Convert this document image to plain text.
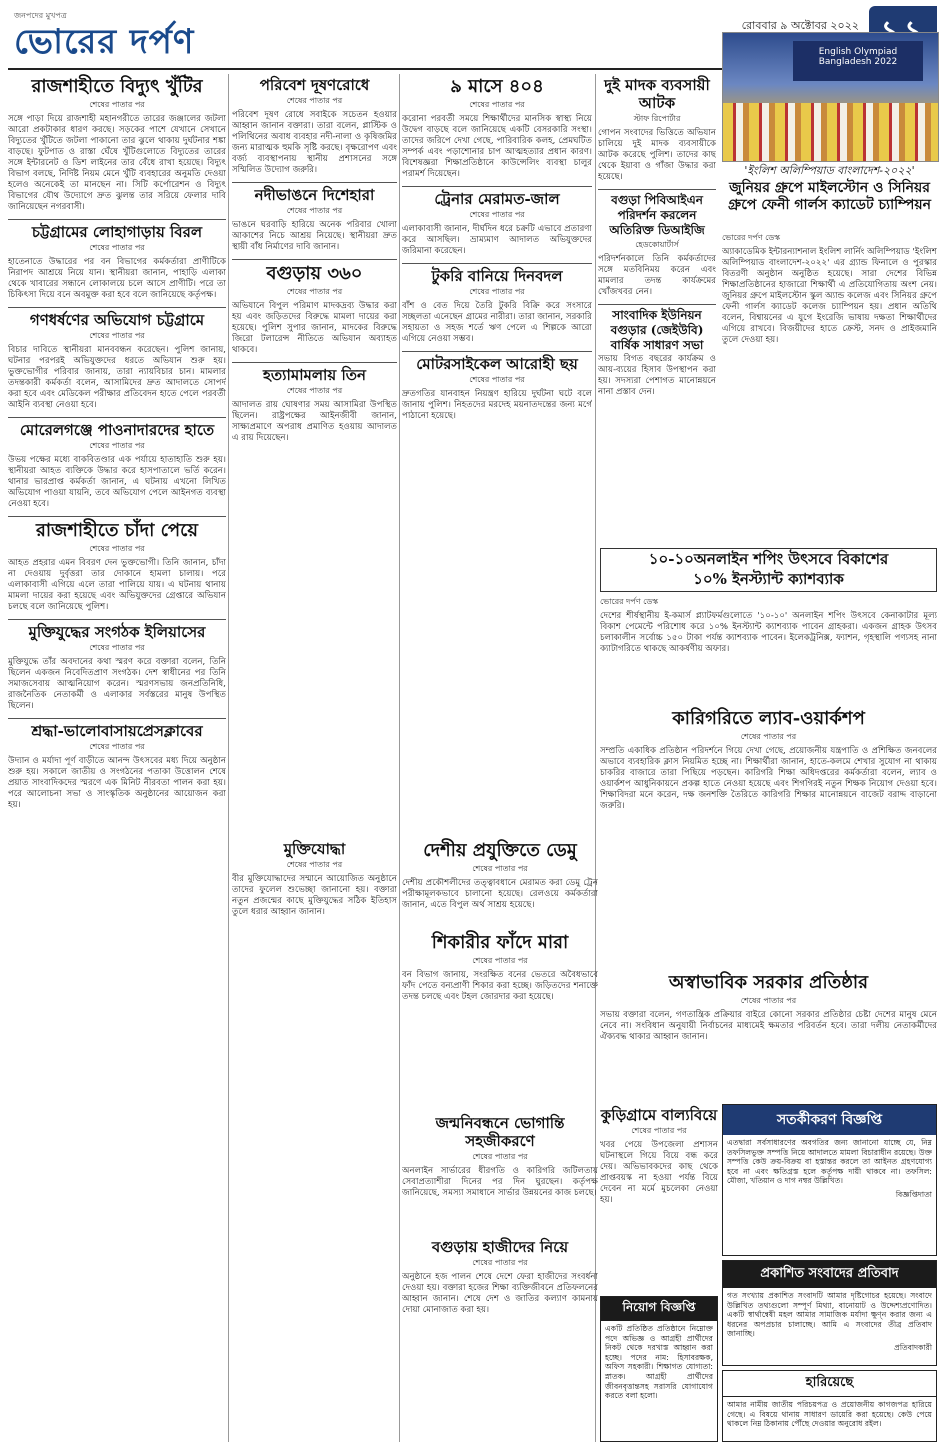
জনপদের মুখপত্র
ভোরের দর্পণ	রোববার ৯ অক্টোবর ২০২২
রাজশাহীতে বিদ্যুৎ খুঁটির
শেষের পাতার পর

সঙ্গে পাড়া দিয়ে রাজশাহী মহানগরীতে তারের জঞ্জালের জটলা আরো প্রকটাকার ধারণ করছে। সড়কের পাশে যেখানে সেখানে বিদ্যুতের খুঁটিতে জটলা পাকানো তার ঝুলে থাকায় দুর্ঘটনার শঙ্কা বাড়ছে। ফুটপাত ও রাস্তা ঘেঁষে খুঁটিগুলোতে বিদ্যুতের তারের সঙ্গে ইন্টারনেট ও ডিশ লাইনের তার বেঁধে রাখা হয়েছে। বিদ্যুৎ বিভাগ বলছে, নির্দিষ্ট নিয়ম মেনে খুঁটি ব্যবহারের অনুমতি দেওয়া হলেও অনেকেই তা মানছেন না। সিটি কর্পোরেশন ও বিদ্যুৎ বিভাগের যৌথ উদ্যোগে দ্রুত ঝুলন্ত তার সরিয়ে ফেলার দাবি জানিয়েছেন নগরবাসী।

চট্টগ্রামের লোহাগাড়ায় বিরল
শেষের পাতার পর

হাতেনাতে উদ্ধারের পর বন বিভাগের কর্মকর্তারা প্রাণীটিকে নিরাপদ আশ্রয়ে নিয়ে যান। স্থানীয়রা জানান, পাহাড়ি এলাকা থেকে খাবারের সন্ধানে লোকালয়ে চলে আসে প্রাণীটি। পরে তা চিকিৎসা দিয়ে বনে অবমুক্ত করা হবে বলে জানিয়েছে কর্তৃপক্ষ।

গণধর্ষণের অভিযোগ চট্টগ্রামে
শেষের পাতার পর

বিচার দাবিতে স্থানীয়রা মানববন্ধন করেছেন। পুলিশ জানায়, ঘটনার পরপরই অভিযুক্তদের ধরতে অভিযান শুরু হয়। ভুক্তভোগীর পরিবার জানায়, তারা ন্যায়বিচার চান। মামলার তদন্তকারী কর্মকর্তা বলেন, আসামিদের দ্রুত আদালতে সোপর্দ করা হবে এবং মেডিকেল পরীক্ষার প্রতিবেদন হাতে পেলে পরবর্তী আইনি ব্যবস্থা নেওয়া হবে।

মোরেলগঞ্জে পাওনাদারদের হাতে
শেষের পাতার পর

উভয় পক্ষের মধ্যে বাকবিতণ্ডার এক পর্যায়ে হাতাহাতি শুরু হয়। স্থানীয়রা আহত ব্যক্তিকে উদ্ধার করে হাসপাতালে ভর্তি করেন। থানার ভারপ্রাপ্ত কর্মকর্তা জানান, এ ঘটনায় এখনো লিখিত অভিযোগ পাওয়া যায়নি, তবে অভিযোগ পেলে আইনগত ব্যবস্থা নেওয়া হবে।

রাজশাহীতে চাঁদা পেয়ে
শেষের পাতার পর

আহত প্রহরার এমন বিবরণ দেন ভুক্তভোগী। তিনি জানান, চাঁদা না দেওয়ায় দুর্বৃত্তরা তার দোকানে হামলা চালায়। পরে এলাকাবাসী এগিয়ে এলে তারা পালিয়ে যায়। এ ঘটনায় থানায় মামলা দায়ের করা হয়েছে এবং অভিযুক্তদের গ্রেপ্তারে অভিযান চলছে বলে জানিয়েছে পুলিশ।

মুক্তিযুদ্ধের সংগঠক ইলিয়াসের
শেষের পাতার পর

মুক্তিযুদ্ধে তাঁর অবদানের কথা স্মরণ করে বক্তারা বলেন, তিনি ছিলেন একজন নিবেদিতপ্রাণ সংগঠক। দেশ স্বাধীনের পর তিনি সমাজসেবায় আত্মনিয়োগ করেন। স্মরণসভায় জনপ্রতিনিধি, রাজনৈতিক নেতাকর্মী ও এলাকার সর্বস্তরের মানুষ উপস্থিত ছিলেন।

শ্রদ্ধা-ভালোবাসায়প্রেসক্লাবের
শেষের পাতার পর

উদ্যান ও মর্যাদা পূর্ণ বাড়ীতে আনন্দ উৎসবের মধ্য দিয়ে অনুষ্ঠান শুরু হয়। সকালে জাতীয় ও সংগঠনের পতাকা উত্তোলন শেষে প্রয়াত সাংবাদিকদের স্মরণে এক মিনিট নীরবতা পালন করা হয়। পরে আলোচনা সভা ও সাংস্কৃতিক অনুষ্ঠানের আয়োজন করা হয়।

পরিবেশ দূষণরোধে
শেষের পাতার পর

পরিবেশ দূষণ রোধে সবাইকে সচেতন হওয়ার আহ্বান জানান বক্তারা। তারা বলেন, প্লাস্টিক ও পলিথিনের অবাধ ব্যবহার নদী-নালা ও কৃষিজমির জন্য মারাত্মক হুমকি সৃষ্টি করছে। বৃক্ষরোপণ এবং বর্জ্য ব্যবস্থাপনায় স্থানীয় প্রশাসনের সঙ্গে সম্মিলিত উদ্যোগ জরুরি।

নদীভাঙনে দিশেহারা
শেষের পাতার পর

ভাঙনে ঘরবাড়ি হারিয়ে অনেক পরিবার খোলা আকাশের নিচে আশ্রয় নিয়েছে। স্থানীয়রা দ্রুত স্থায়ী বাঁধ নির্মাণের দাবি জানান।

বগুড়ায় ৩৬০
শেষের পাতার পর

অভিযানে বিপুল পরিমাণ মাদকদ্রব্য উদ্ধার করা হয় এবং জড়িতদের বিরুদ্ধে মামলা দায়ের করা হয়েছে। পুলিশ সুপার জানান, মাদকের বিরুদ্ধে জিরো টলারেন্স নীতিতে অভিযান অব্যাহত থাকবে।

হত্যামামলায় তিন
শেষের পাতার পর

আদালত রায় ঘোষণার সময় আসামিরা উপস্থিত ছিলেন। রাষ্ট্রপক্ষের আইনজীবী জানান, সাক্ষ্যপ্রমাণে অপরাধ প্রমাণিত হওয়ায় আদালত এ রায় দিয়েছেন।

৯ মাসে ৪০৪
শেষের পাতার পর

করোনা পরবর্তী সময়ে শিক্ষার্থীদের মানসিক স্বাস্থ্য নিয়ে উদ্বেগ বাড়ছে বলে জানিয়েছে একটি বেসরকারি সংস্থা। তাদের জরিপে দেখা গেছে, পারিবারিক কলহ, প্রেমঘটিত সম্পর্ক এবং পড়াশোনার চাপ আত্মহত্যার প্রধান কারণ। বিশেষজ্ঞরা শিক্ষাপ্রতিষ্ঠানে কাউন্সেলিং ব্যবস্থা চালুর পরামর্শ দিয়েছেন।

ট্রেনার মেরামত-জাল
শেষের পাতার পর

এলাকাবাসী জানান, দীর্ঘদিন ধরে চক্রটি এভাবে প্রতারণা করে আসছিল। ভ্রাম্যমাণ আদালত অভিযুক্তদের জরিমানা করেছেন।

টুকরি বানিয়ে দিনবদল
শেষের পাতার পর

বাঁশ ও বেত দিয়ে তৈরি টুকরি বিক্রি করে সংসারে সচ্ছলতা এনেছেন গ্রামের নারীরা। তারা জানান, সরকারি সহায়তা ও সহজ শর্তে ঋণ পেলে এ শিল্পকে আরো এগিয়ে নেওয়া সম্ভব।

মোটরসাইকেল আরোহী ছয়
শেষের পাতার পর

দ্রুতগতির যানবাহন নিয়ন্ত্রণ হারিয়ে দুর্ঘটনা ঘটে বলে জানায় পুলিশ। নিহতদের মরদেহ ময়নাতদন্তের জন্য মর্গে পাঠানো হয়েছে।

দুই মাদক ব্যবসায়ী আটক
স্টাফ রিপোর্টার

গোপন সংবাদের ভিত্তিতে অভিযান চালিয়ে দুই মাদক ব্যবসায়ীকে আটক করেছে পুলিশ। তাদের কাছ থেকে ইয়াবা ও গাঁজা উদ্ধার করা হয়েছে।

বগুড়া পিবিআইএন পরিদর্শন করলেন অতিরিক্ত ডিআইজি
হেডকোয়ার্টার্স

পরিদর্শনকালে তিনি কর্মকর্তাদের সঙ্গে মতবিনিময় করেন এবং মামলার তদন্ত কার্যক্রমের খোঁজখবর নেন।

সাংবাদিক ইউনিয়ন বগুড়ার (জেইউবি) বার্ষিক সাধারণ সভা

সভায় বিগত বছরের কার্যক্রম ও আয়-ব্যয়ের হিসাব উপস্থাপন করা হয়। সদস্যরা পেশাগত মানোন্নয়নে নানা প্রস্তাব দেন।

English Olympiad Bangladesh 2022
'ইংলিশ অলিম্পিয়াড বাংলাদেশ-২০২২'
জুনিয়র গ্রুপে মাইলস্টোন ও সিনিয়র গ্রুপে ফেনী গার্লস ক্যাডেট চ্যাম্পিয়ন
ভোরের দর্পণ ডেস্ক

অ্যাকাডেমিক ইন্টারন্যাশনাল ইংলিশ লার্নিং অলিম্পিয়াড 'ইংলিশ অলিম্পিয়াড বাংলাদেশ-২০২২' এর গ্র্যান্ড ফিনালে ও পুরস্কার বিতরণী অনুষ্ঠান অনুষ্ঠিত হয়েছে। সারা দেশের বিভিন্ন শিক্ষাপ্রতিষ্ঠানের হাজারো শিক্ষার্থী এ প্রতিযোগিতায় অংশ নেয়। জুনিয়র গ্রুপে মাইলস্টোন স্কুল অ্যান্ড কলেজ এবং সিনিয়র গ্রুপে ফেনী গার্লস ক্যাডেট কলেজ চ্যাম্পিয়ন হয়। প্রধান অতিথি বলেন, বিশ্বায়নের এ যুগে ইংরেজি ভাষায় দক্ষতা শিক্ষার্থীদের এগিয়ে রাখবে। বিজয়ীদের হাতে ক্রেস্ট, সনদ ও প্রাইজমানি তুলে দেওয়া হয়।

১০-১০অনলাইন শপিং উৎসবে বিকাশের
১০% ইনস্ট্যান্ট ক্যাশব্যাক
ভোরের দর্পণ ডেস্ক

দেশের শীর্ষস্থানীয় ই-কমার্স প্ল্যাটফর্মগুলোতে '১০-১০' অনলাইন শপিং উৎসবে কেনাকাটার মূল্য বিকাশ পেমেন্টে পরিশোধ করে ১০% ইনস্ট্যান্ট ক্যাশব্যাক পাবেন গ্রাহকরা। একজন গ্রাহক উৎসব চলাকালীন সর্বোচ্চ ১৫০ টাকা পর্যন্ত ক্যাশব্যাক পাবেন। ইলেকট্রনিক্স, ফ্যাশন, গৃহস্থালি পণ্যসহ নানা ক্যাটাগরিতে থাকছে আকর্ষণীয় অফার।

কারিগরিতে ল্যাব-ওয়ার্কশপ
শেষের পাতার পর

সম্প্রতি একাধিক প্রতিষ্ঠান পরিদর্শনে গিয়ে দেখা গেছে, প্রয়োজনীয় যন্ত্রপাতি ও প্রশিক্ষিত জনবলের অভাবে ব্যবহারিক ক্লাস নিয়মিত হচ্ছে না। শিক্ষার্থীরা জানান, হাতে-কলমে শেখার সুযোগ না থাকায় চাকরির বাজারে তারা পিছিয়ে পড়ছেন। কারিগরি শিক্ষা অধিদপ্তরের কর্মকর্তারা বলেন, ল্যাব ও ওয়ার্কশপ আধুনিকায়নে প্রকল্প হাতে নেওয়া হয়েছে এবং শিগগিরই নতুন শিক্ষক নিয়োগ দেওয়া হবে। শিক্ষাবিদরা মনে করেন, দক্ষ জনশক্তি তৈরিতে কারিগরি শিক্ষার মানোন্নয়নে বাজেট বরাদ্দ বাড়ানো জরুরি।

অস্বাভাবিক সরকার প্রতিষ্ঠার
শেষের পাতার পর

সভায় বক্তারা বলেন, গণতান্ত্রিক প্রক্রিয়ার বাইরে কোনো সরকার প্রতিষ্ঠার চেষ্টা দেশের মানুষ মেনে নেবে না। সংবিধান অনুযায়ী নির্বাচনের মাধ্যমেই ক্ষমতার পরিবর্তন হবে। তারা দলীয় নেতাকর্মীদের ঐক্যবদ্ধ থাকার আহ্বান জানান।

দেশীয় প্রযুক্তিতে ডেমু
শেষের পাতার পর

দেশীয় প্রকৌশলীদের তত্ত্বাবধানে মেরামত করা ডেমু ট্রেন পরীক্ষামূলকভাবে চালানো হয়েছে। রেলওয়ে কর্মকর্তারা জানান, এতে বিপুল অর্থ সাশ্রয় হয়েছে।

শিকারীর ফাঁদে মারা
শেষের পাতার পর

বন বিভাগ জানায়, সংরক্ষিত বনের ভেতরে অবৈধভাবে ফাঁদ পেতে বন্যপ্রাণী শিকার করা হচ্ছে। জড়িতদের শনাক্তে তদন্ত চলছে এবং টহল জোরদার করা হয়েছে।

জন্মনিবন্ধনে ভোগান্তি সহজীকরণে
শেষের পাতার পর

অনলাইন সার্ভারের ধীরগতি ও কারিগরি জটিলতায় সেবাপ্রত্যাশীরা দিনের পর দিন ঘুরছেন। কর্তৃপক্ষ জানিয়েছে, সমস্যা সমাধানে সার্ভার উন্নয়নের কাজ চলছে।

বগুড়ায় হাজীদের নিয়ে
শেষের পাতার পর

অনুষ্ঠানে হজ পালন শেষে দেশে ফেরা হাজীদের সংবর্ধনা দেওয়া হয়। বক্তারা হজের শিক্ষা ব্যক্তিজীবনে প্রতিফলনের আহ্বান জানান। শেষে দেশ ও জাতির কল্যাণ কামনায় দোয়া মোনাজাত করা হয়।

কুড়িগ্রামে বাল্যবিয়ে
শেষের পাতার পর

খবর পেয়ে উপজেলা প্রশাসন ঘটনাস্থলে গিয়ে বিয়ে বন্ধ করে দেয়। অভিভাবকদের কাছ থেকে প্রাপ্তবয়স্ক না হওয়া পর্যন্ত বিয়ে দেবেন না মর্মে মুচলেকা নেওয়া হয়।

মুক্তিযোদ্ধা
শেষের পাতার পর

বীর মুক্তিযোদ্ধাদের সম্মানে আয়োজিত অনুষ্ঠানে তাদের ফুলেল শুভেচ্ছা জানানো হয়। বক্তারা নতুন প্রজন্মের কাছে মুক্তিযুদ্ধের সঠিক ইতিহাস তুলে ধরার আহ্বান জানান।

নিয়োগ বিজ্ঞপ্তি
একটি প্রতিষ্ঠিত প্রতিষ্ঠানে নিম্নোক্ত পদে অভিজ্ঞ ও আগ্রহী প্রার্থীদের নিকট থেকে দরখাস্ত আহ্বান করা হচ্ছে। পদের নাম: হিসাবরক্ষক, অফিস সহকারী। শিক্ষাগত যোগ্যতা: স্নাতক। আগ্রহী প্রার্থীদের জীবনবৃত্তান্তসহ সরাসরি যোগাযোগ করতে বলা হলো।
সতর্কীকরণ বিজ্ঞপ্তি
এতদ্বারা সর্বসাধারণের অবগতির জন্য জানানো যাচ্ছে যে, নিম্ন তফসিলভুক্ত সম্পত্তি নিয়ে আদালতে মামলা বিচারাধীন রয়েছে। উক্ত সম্পত্তি কেউ ক্রয়-বিক্রয় বা হস্তান্তর করলে তা আইনত গ্রহণযোগ্য হবে না এবং ক্ষতিগ্রস্ত হলে কর্তৃপক্ষ দায়ী থাকবে না। তফসিল: মৌজা, খতিয়ান ও দাগ নম্বর উল্লিখিত।
বিজ্ঞপ্তিদাতা
প্রকাশিত সংবাদের প্রতিবাদ
গত সংখ্যায় প্রকাশিত সংবাদটি আমার দৃষ্টিগোচর হয়েছে। সংবাদে উল্লিখিত তথ্যগুলো সম্পূর্ণ মিথ্যা, বানোয়াট ও উদ্দেশ্যপ্রণোদিত। একটি স্বার্থান্বেষী মহল আমার সামাজিক মর্যাদা ক্ষুণ্ন করার জন্য এ ধরনের অপপ্রচার চালাচ্ছে। আমি এ সংবাদের তীব্র প্রতিবাদ জানাচ্ছি।
প্রতিবাদকারী
হারিয়েছে
আমার নামীয় জাতীয় পরিচয়পত্র ও প্রয়োজনীয় কাগজপত্র হারিয়ে গেছে। এ বিষয়ে থানায় সাধারণ ডায়েরি করা হয়েছে। কেউ পেয়ে থাকলে নিম্ন ঠিকানায় পৌঁছে দেওয়ার অনুরোধ রইল।
